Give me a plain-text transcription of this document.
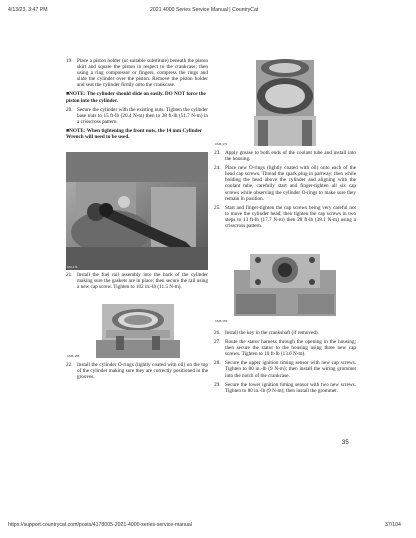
4/13/23, 3:47 PM	2021 4000 Series Service Manual | CountryCat
19. Place a piston holder (or suitable substitute) beneath the piston skirt and square the piston in respect to the crankcase; then using a ring compressor or fingers, compress the rings and slide the cylinder over the piston. Remove the piston holder and seat the cylinder firmly onto the crankcase.

■NOTE: The cylinder should slide on easily. DO NOT force the piston into the cylinder.

20. Secure the cylinder with the existing nuts. Tighten the cylinder base nuts to 15 ft-lb (20.4 N-m) then to 38 ft-lb (51.7 N-m) in a crisscross pattern.

■NOTE: When tightening the front nuts, the 14 mm Cylinder Wrench will need to be used.

CM-171
21. Install the fuel rail assembly into the back of the cylinder making sure the gaskets are in place; then secure the rail using a new cap screw. Tighten to 102 in.-lb (11.5 N-m).
CM6-155
22. Install the cylinder O-rings (lightly coated with oil) on the top of the cylinder making sure they are correctly positioned in the grooves.
CM6-172
23. Apply grease to both ends of the coolant tube and install into the housing.

24. Place new O-rings (lightly coated with oil) onto each of the head cap screws. Thread the spark plug in partway; then while holding the head above the cylinder and aligning with the coolant tube, carefully start and finger-tighten all six cap screws while observing the cylinder O-rings to make sure they remain in position.

25. Start and finger-tighten the cap screws being very careful not to move the cylinder head; then tighten the cap screws in two steps to 13 ft-lb (17.7 N-m) then 28 ft-lb (38.1 N-m) using a crisscross pattern.
CM6-153
26. Install the key in the crankshaft (if removed).

27. Route the stator harness through the opening in the housing; then secure the stator to the housing using three new cap screws. Tighten to 10 ft-lb (13.6 N-m).

28. Secure the upper ignition timing sensor with new cap screws. Tighten to 80 in.-lb (9 N-m); then install the wiring grommet into the notch of the crankcase.

29. Secure the lower ignition timing sensor with two new screws. Tighten to 80 in.-lb (9 N-m); then install the grommet.
35
https://support.countrycat.com/posts/4178005-2021-4000-series-service-manual	37/104
